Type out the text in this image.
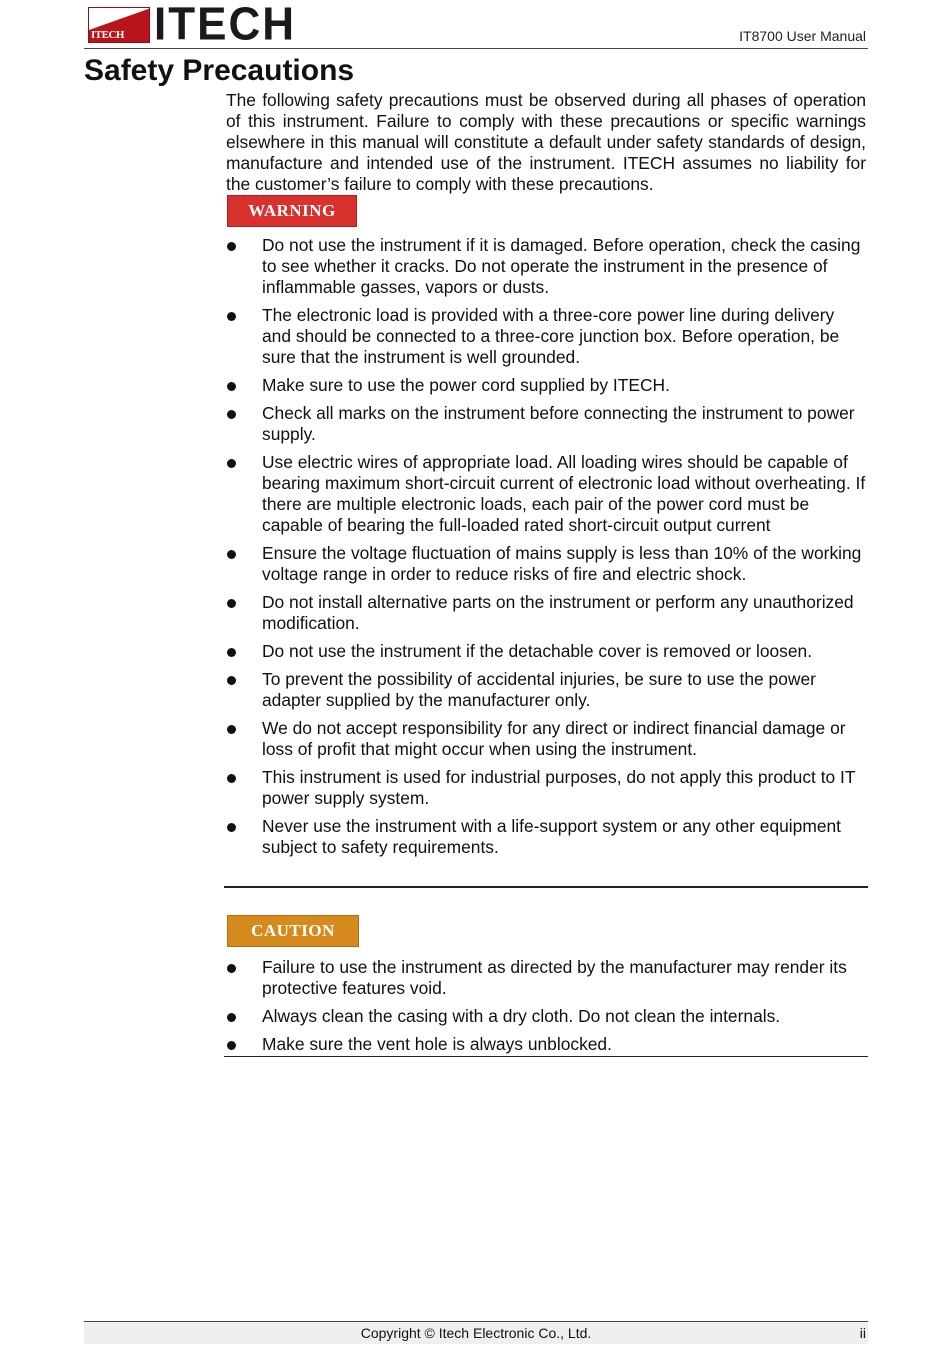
ITECH ITECH	IT8700 User Manual
Safety Precautions

The following safety precautions must be observed during all phases of operation of this instrument. Failure to comply with these precautions or specific warnings elsewhere in this manual will constitute a default under safety standards of design, manufacture and intended use of the instrument. ITECH assumes no liability for the customer’s failure to comply with these precautions.

WARNING
Do not use the instrument if it is damaged. Before operation, check the casing to see whether it cracks. Do not operate the instrument in the presence of inflammable gasses, vapors or dusts.
The electronic load is provided with a three-core power line during delivery and should be connected to a three-core junction box. Before operation, be sure that the instrument is well grounded.
Make sure to use the power cord supplied by ITECH.
Check all marks on the instrument before connecting the instrument to power supply.
Use electric wires of appropriate load. All loading wires should be capable of bearing maximum short-circuit current of electronic load without overheating. If there are multiple electronic loads, each pair of the power cord must be capable of bearing the full-loaded rated short-circuit output current
Ensure the voltage fluctuation of mains supply is less than 10% of the working voltage range in order to reduce risks of fire and electric shock.
Do not install alternative parts on the instrument or perform any unauthorized modification.
Do not use the instrument if the detachable cover is removed or loosen.
To prevent the possibility of accidental injuries, be sure to use the power adapter supplied by the manufacturer only.
We do not accept responsibility for any direct or indirect financial damage or loss of profit that might occur when using the instrument.
This instrument is used for industrial purposes, do not apply this product to IT power supply system.
Never use the instrument with a life-support system or any other equipment subject to safety requirements.
CAUTION
Failure to use the instrument as directed by the manufacturer may render its protective features void.
Always clean the casing with a dry cloth. Do not clean the internals.
Make sure the vent hole is always unblocked.
Copyright © Itech Electronic Co., Ltd.	ii
